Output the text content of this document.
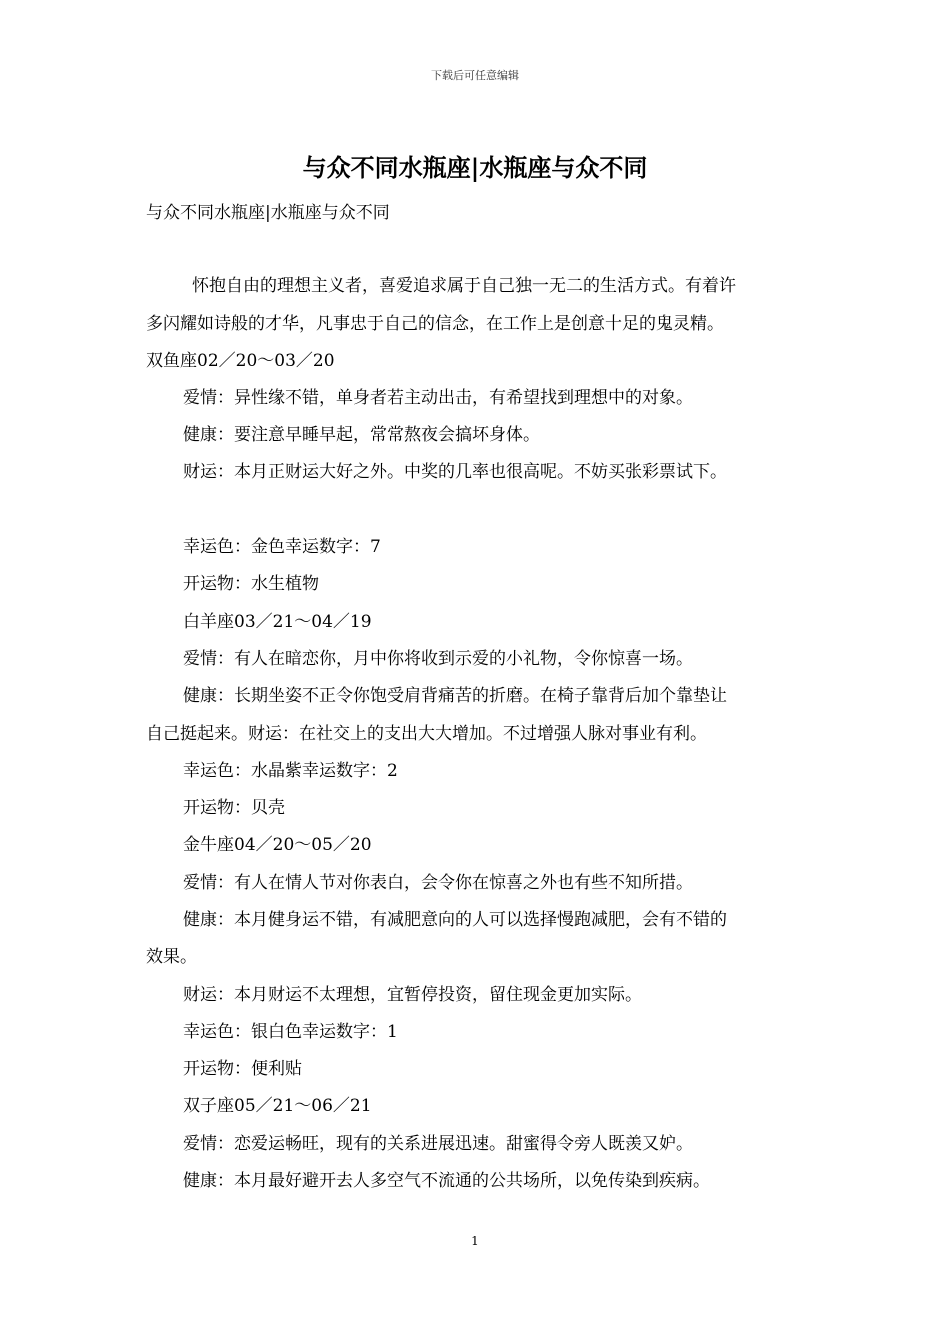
下载后可任意编辑
与众不同水瓶座|水瓶座与众不同
与众不同水瓶座|水瓶座与众不同
怀抱自由的理想主义者，喜爱追求属于自己独一无二的生活方式。有着许
多闪耀如诗般的才华，凡事忠于自己的信念，在工作上是创意十足的鬼灵精。
双鱼座02／20～03／20
爱情：异性缘不错，单身者若主动出击，有希望找到理想中的对象。
健康：要注意早睡早起，常常熬夜会搞坏身体。
财运：本月正财运大好之外。中奖的几率也很高呢。不妨买张彩票试下。
幸运色：金色幸运数字：7
开运物：水生植物
白羊座03／21～04／19
爱情：有人在暗恋你，月中你将收到示爱的小礼物，令你惊喜一场。
健康：长期坐姿不正令你饱受肩背痛苦的折磨。在椅子靠背后加个靠垫让
自己挺起来。财运：在社交上的支出大大增加。不过增强人脉对事业有利。
幸运色：水晶紫幸运数字：2
开运物：贝壳
金牛座04／20～05／20
爱情：有人在情人节对你表白，会令你在惊喜之外也有些不知所措。
健康：本月健身运不错，有减肥意向的人可以选择慢跑减肥，会有不错的
效果。
财运：本月财运不太理想，宜暂停投资，留住现金更加实际。
幸运色：银白色幸运数字：1
开运物：便利贴
双子座05／21～06／21
爱情：恋爱运畅旺，现有的关系进展迅速。甜蜜得令旁人既羡又妒。
健康：本月最好避开去人多空气不流通的公共场所，以免传染到疾病。
1
